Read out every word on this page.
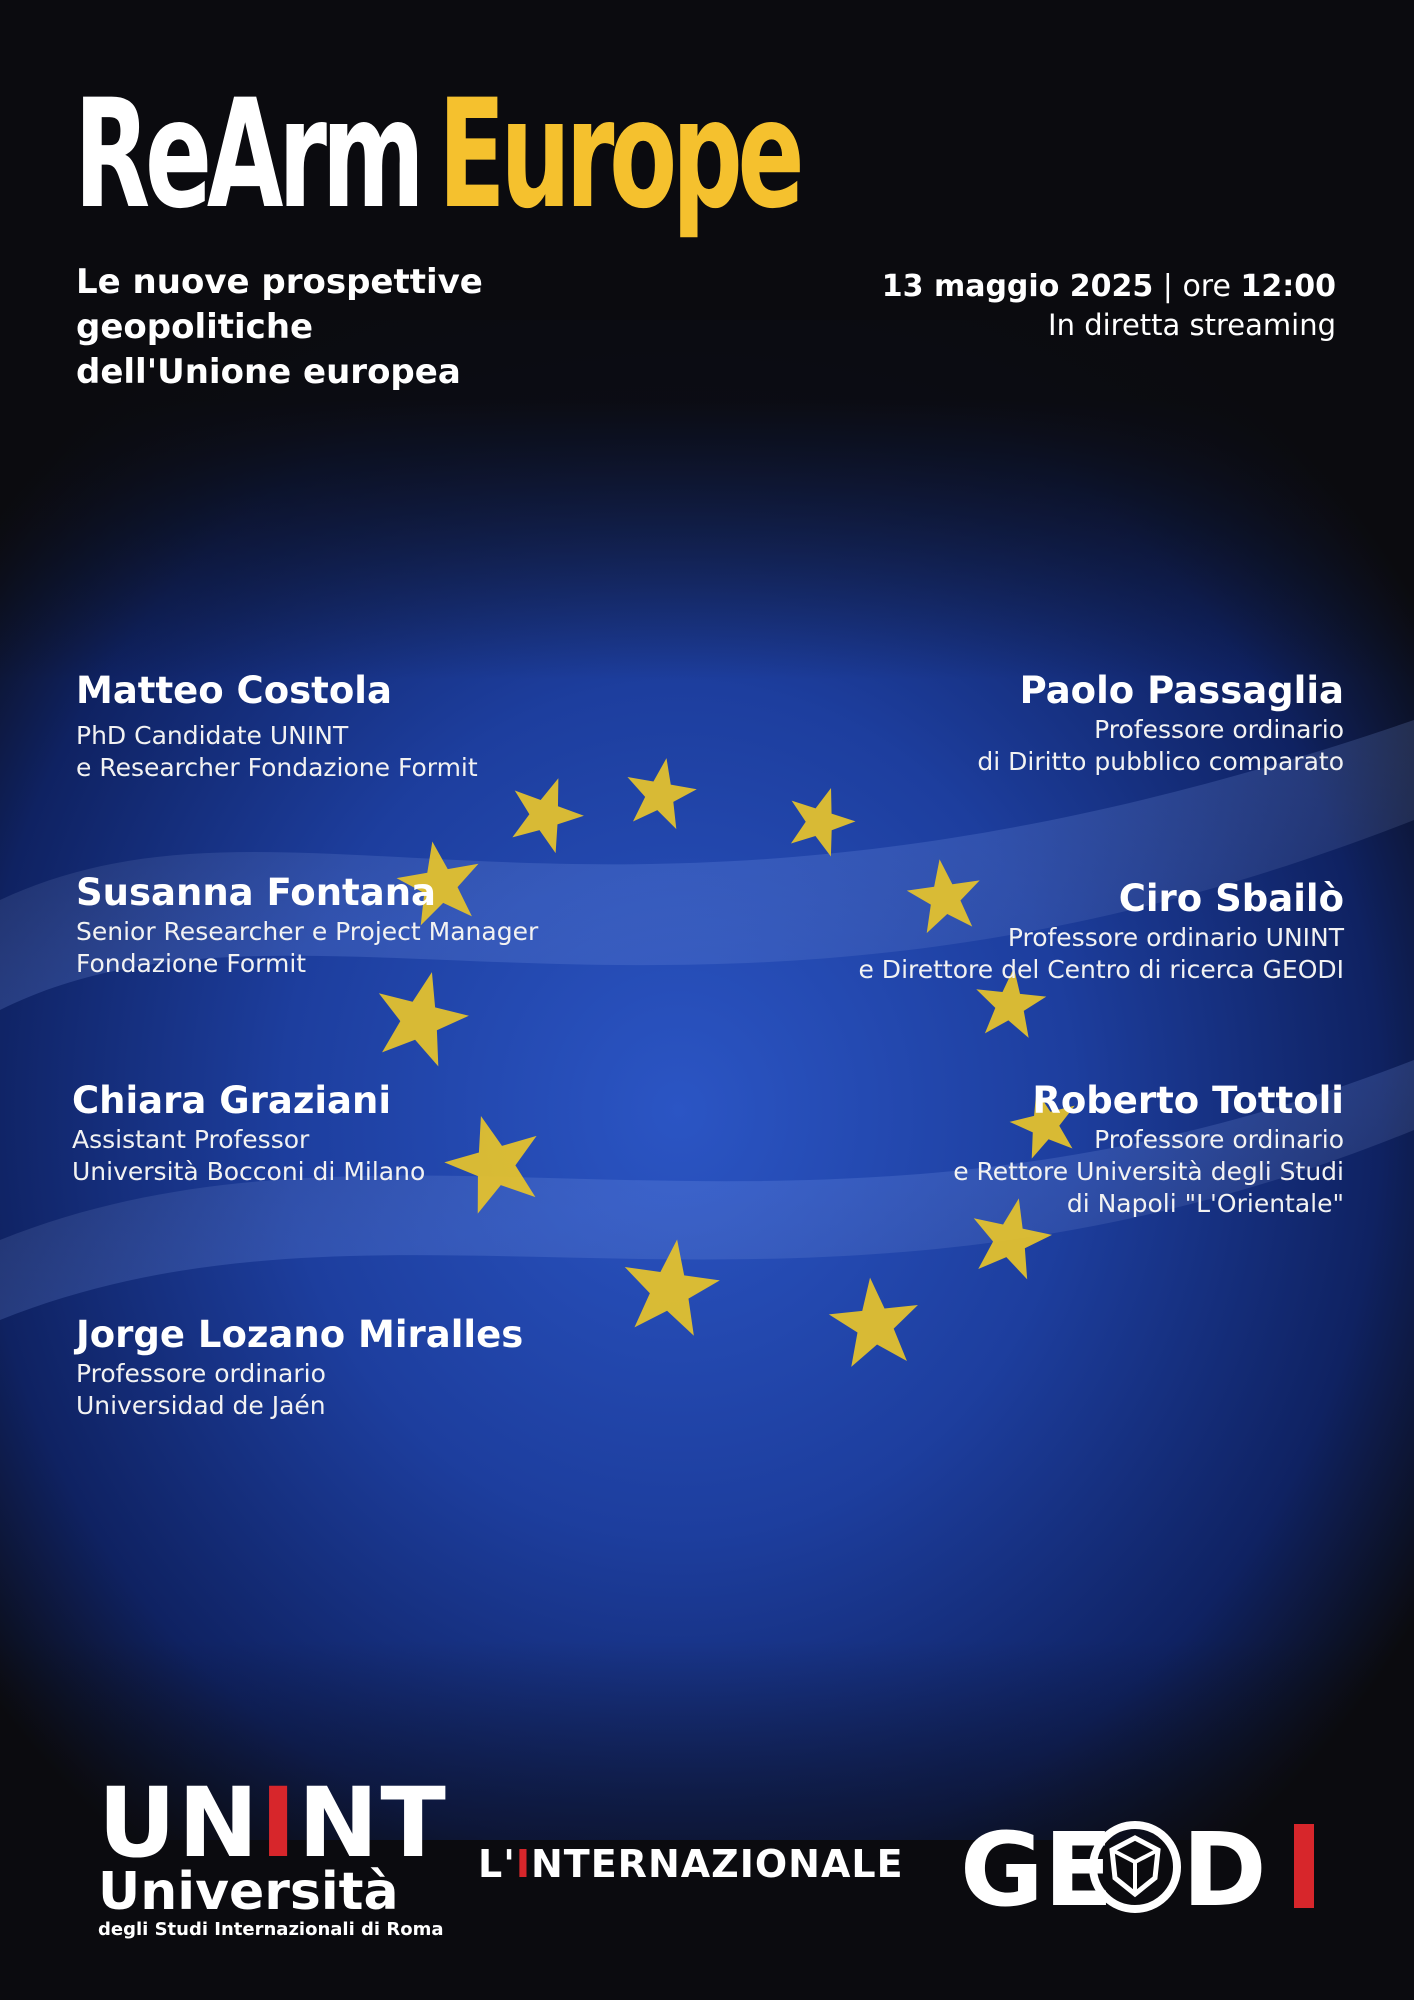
ReArm Europe
Le nuove prospettive
geopolitiche
dell'Unione europea
13 maggio 2025 | ore 12:00
In diretta streaming
Matteo Costola
PhD Candidate UNINT
e Researcher Fondazione Formit
Susanna Fontana
Senior Researcher e Project Manager
Fondazione Formit
Chiara Graziani
Assistant Professor
Università Bocconi di Milano
Jorge Lozano Miralles
Professore ordinario
Universidad de Jaén
Paolo Passaglia
Professore ordinario
di Diritto pubblico comparato
Ciro Sbailò
Professore ordinario UNINT
e Direttore del Centro di ricerca GEODI
Roberto Tottoli
Professore ordinario
e Rettore Università degli Studi
di Napoli "L'Orientale"
UNINT
Università
degli Studi Internazionali di Roma
L'INTERNAZIONALE GE D
